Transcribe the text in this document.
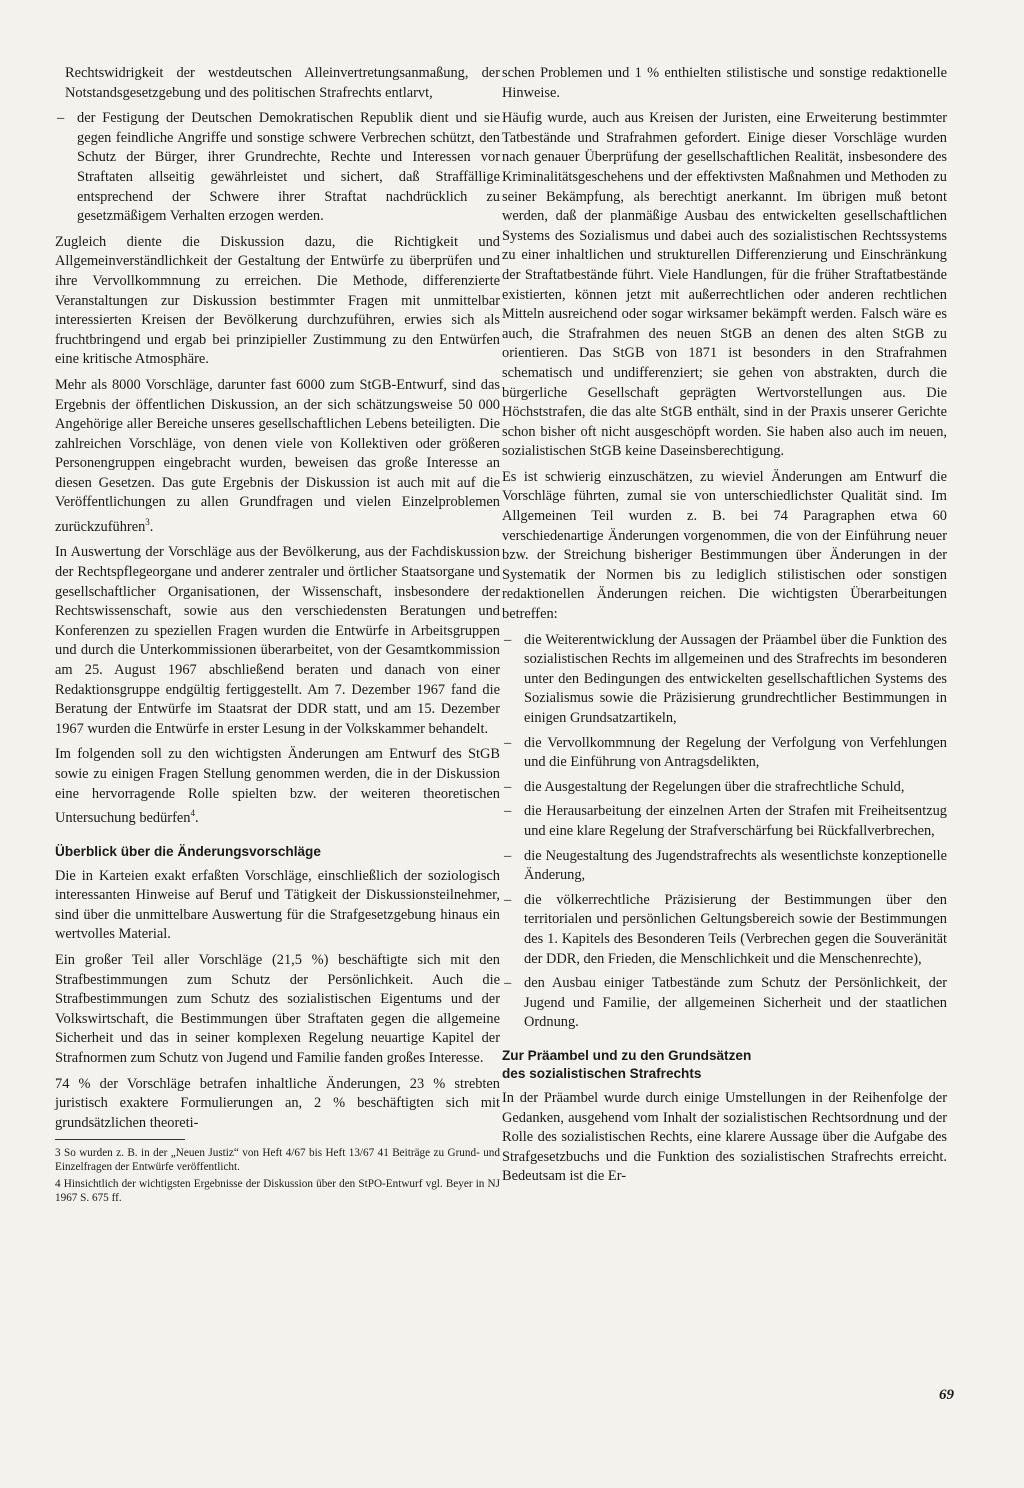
Rechtswidrigkeit der westdeutschen Alleinvertretungsanmaßung, der Notstandsgesetzgebung und des politischen Strafrechts entlarvt,

– der Festigung der Deutschen Demokratischen Republik dient und sie gegen feindliche Angriffe und sonstige schwere Verbrechen schützt, den Schutz der Bürger, ihrer Grundrechte, Rechte und Interessen vor Straftaten allseitig gewährleistet und sichert, daß Straffällige entsprechend der Schwere ihrer Straftat nachdrücklich zu gesetzmäßigem Verhalten erzogen werden.

Zugleich diente die Diskussion dazu, die Richtigkeit und Allgemeinverständlichkeit der Gestaltung der Entwürfe zu überprüfen und ihre Vervollkommnung zu erreichen. Die Methode, differenzierte Veranstaltungen zur Diskussion bestimmter Fragen mit unmittelbar interessierten Kreisen der Bevölkerung durchzuführen, erwies sich als fruchtbringend und ergab bei prinzipieller Zustimmung zu den Entwürfen eine kritische Atmosphäre.

Mehr als 8000 Vorschläge, darunter fast 6000 zum StGB-Entwurf, sind das Ergebnis der öffentlichen Diskussion, an der sich schätzungsweise 50 000 Angehörige aller Bereiche unseres gesellschaftlichen Lebens beteiligten. Die zahlreichen Vorschläge, von denen viele von Kollektiven oder größeren Personengruppen eingebracht wurden, beweisen das große Interesse an diesen Gesetzen. Das gute Ergebnis der Diskussion ist auch mit auf die Veröffentlichungen zu allen Grundfragen und vielen Einzelproblemen zurückzuführen$^3$.

In Auswertung der Vorschläge aus der Bevölkerung, aus der Fachdiskussion der Rechtspflegeorgane und anderer zentraler und örtlicher Staatsorgane und gesellschaftlicher Organisationen, der Wissenschaft, insbesondere der Rechtswissenschaft, sowie aus den verschiedensten Beratungen und Konferenzen zu speziellen Fragen wurden die Entwürfe in Arbeitsgruppen und durch die Unterkommissionen überarbeitet, von der Gesamtkommission am 25. August 1967 abschließend beraten und danach von einer Redaktionsgruppe endgültig fertiggestellt. Am 7. Dezember 1967 fand die Beratung der Entwürfe im Staatsrat der DDR statt, und am 15. Dezember 1967 wurden die Entwürfe in erster Lesung in der Volkskammer behandelt.

Im folgenden soll zu den wichtigsten Änderungen am Entwurf des StGB sowie zu einigen Fragen Stellung genommen werden, die in der Diskussion eine hervorragende Rolle spielten bzw. der weiteren theoretischen Untersuchung bedürfen$^4$.

Überblick über die Änderungsvorschläge

Die in Karteien exakt erfaßten Vorschläge, einschließlich der soziologisch interessanten Hinweise auf Beruf und Tätigkeit der Diskussionsteilnehmer, sind über die unmittelbare Auswertung für die Strafgesetzgebung hinaus ein wertvolles Material.

Ein großer Teil aller Vorschläge (21,5 %) beschäftigte sich mit den Strafbestimmungen zum Schutz der Persönlichkeit. Auch die Strafbestimmungen zum Schutz des sozialistischen Eigentums und der Volkswirtschaft, die Bestimmungen über Straftaten gegen die allgemeine Sicherheit und das in seiner komplexen Regelung neuartige Kapitel der Strafnormen zum Schutz von Jugend und Familie fanden großes Interesse.

74 % der Vorschläge betrafen inhaltliche Änderungen, 23 % strebten juristisch exaktere Formulierungen an, 2 % beschäftigten sich mit grundsätzlichen theoreti-

3 So wurden z. B. in der „Neuen Justiz“ von Heft 4/67 bis Heft 13/67 41 Beiträge zu Grund- und Einzelfragen der Entwürfe veröffentlicht.

4 Hinsichtlich der wichtigsten Ergebnisse der Diskussion über den StPO-Entwurf vgl. Beyer in NJ 1967 S. 675 ff.

schen Problemen und 1 % enthielten stilistische und sonstige redaktionelle Hinweise.

Häufig wurde, auch aus Kreisen der Juristen, eine Erweiterung bestimmter Tatbestände und Strafrahmen gefordert. Einige dieser Vorschläge wurden nach genauer Überprüfung der gesellschaftlichen Realität, insbesondere des Kriminalitätsgeschehens und der effektivsten Maßnahmen und Methoden zu seiner Bekämpfung, als berechtigt anerkannt. Im übrigen muß betont werden, daß der planmäßige Ausbau des entwickelten gesellschaftlichen Systems des Sozialismus und dabei auch des sozialistischen Rechtssystems zu einer inhaltlichen und strukturellen Differenzierung und Einschränkung der Straftatbestände führt. Viele Handlungen, für die früher Straftatbestände existierten, können jetzt mit außerrechtlichen oder anderen rechtlichen Mitteln ausreichend oder sogar wirksamer bekämpft werden. Falsch wäre es auch, die Strafrahmen des neuen StGB an denen des alten StGB zu orientieren. Das StGB von 1871 ist besonders in den Strafrahmen schematisch und undifferenziert; sie gehen von abstrakten, durch die bürgerliche Gesellschaft geprägten Wertvorstellungen aus. Die Höchststrafen, die das alte StGB enthält, sind in der Praxis unserer Gerichte schon bisher oft nicht ausgeschöpft worden. Sie haben also auch im neuen, sozialistischen StGB keine Daseinsberechtigung.

Es ist schwierig einzuschätzen, zu wieviel Änderungen am Entwurf die Vorschläge führten, zumal sie von unterschiedlichster Qualität sind. Im Allgemeinen Teil wurden z. B. bei 74 Paragraphen etwa 60 verschiedenartige Änderungen vorgenommen, die von der Einführung neuer bzw. der Streichung bisheriger Bestimmungen über Änderungen in der Systematik der Normen bis zu lediglich stilistischen oder sonstigen redaktionellen Änderungen reichen. Die wichtigsten Überarbeitungen betreffen:

– die Weiterentwicklung der Aussagen der Präambel über die Funktion des sozialistischen Rechts im allgemeinen und des Strafrechts im besonderen unter den Bedingungen des entwickelten gesellschaftlichen Systems des Sozialismus sowie die Präzisierung grundrechtlicher Bestimmungen in einigen Grundsatzartikeln,
– die Vervollkommnung der Regelung der Verfolgung von Verfehlungen und die Einführung von Antragsdelikten,
– die Ausgestaltung der Regelungen über die strafrechtliche Schuld,
– die Herausarbeitung der einzelnen Arten der Strafen mit Freiheitsentzug und eine klare Regelung der Strafverschärfung bei Rückfallverbrechen,
– die Neugestaltung des Jugendstrafrechts als wesentlichste konzeptionelle Änderung,
– die völkerrechtliche Präzisierung der Bestimmungen über den territorialen und persönlichen Geltungsbereich sowie der Bestimmungen des 1. Kapitels des Besonderen Teils (Verbrechen gegen die Souveränität der DDR, den Frieden, die Menschlichkeit und die Menschenrechte),
– den Ausbau einiger Tatbestände zum Schutz der Persönlichkeit, der Jugend und Familie, der allgemeinen Sicherheit und der staatlichen Ordnung.
Zur Präambel und zu den Grundsätzen
des sozialistischen Strafrechts

In der Präambel wurde durch einige Umstellungen in der Reihenfolge der Gedanken, ausgehend vom Inhalt der sozialistischen Rechtsordnung und der Rolle des sozialistischen Rechts, eine klarere Aussage über die Aufgabe des Strafgesetzbuchs und die Funktion des sozialistischen Strafrechts erreicht. Bedeutsam ist die Er-

69
